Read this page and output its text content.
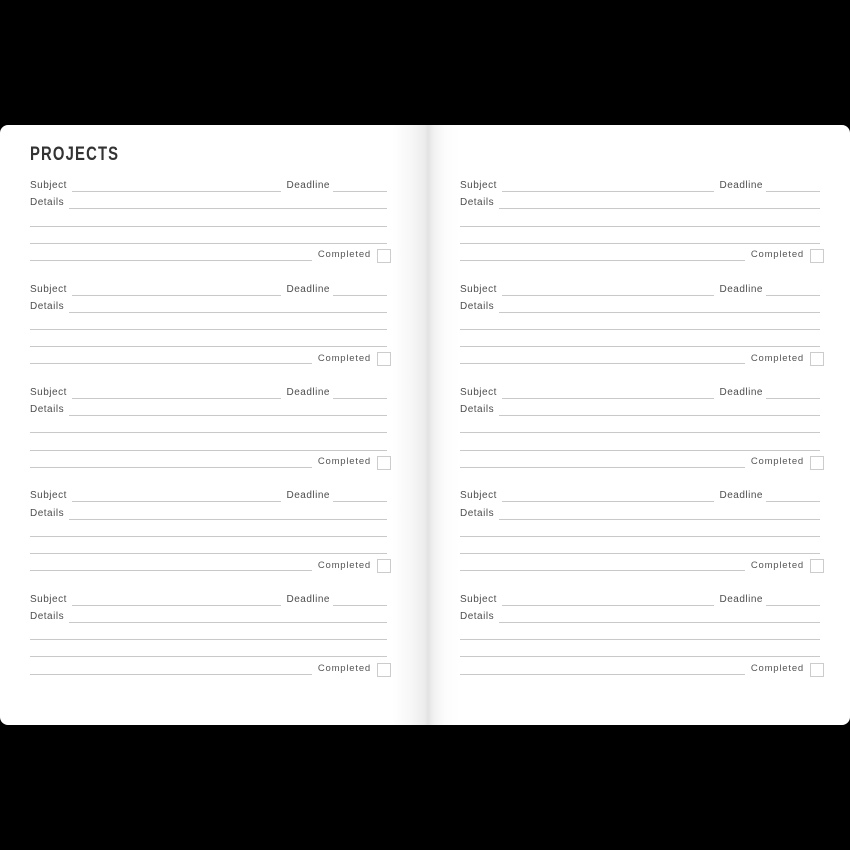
PROJECTS
Subject	Deadline
Details
Completed
Subject	Deadline
Details
Completed
Subject	Deadline
Details
Completed
Subject	Deadline
Details
Completed
Subject	Deadline
Details
Completed
Subject	Deadline
Details
Completed
Subject	Deadline
Details
Completed
Subject	Deadline
Details
Completed
Subject	Deadline
Details
Completed
Subject	Deadline
Details
Completed
